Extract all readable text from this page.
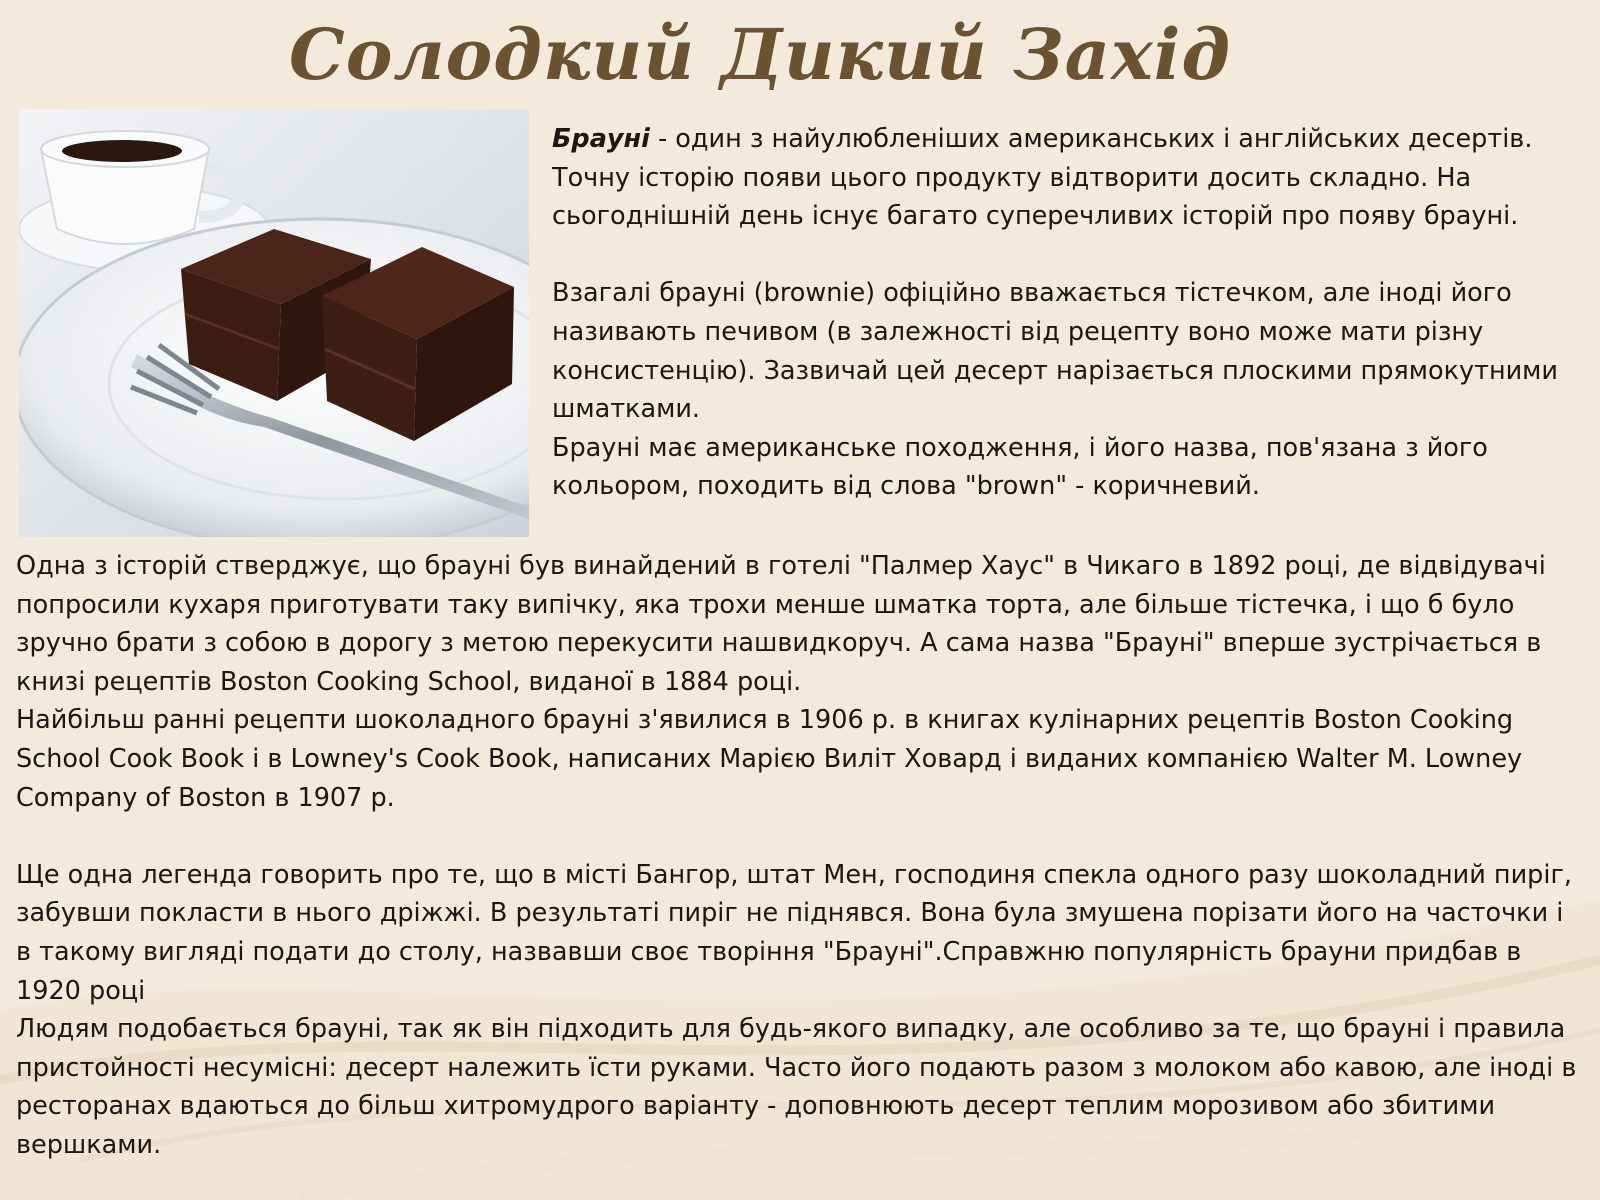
Солодкий Дикий Захід

Брауні - один з найулюбленіших американських і англійських десертів. Точну історію появи цього продукту відтворити досить складно. На сьогоднішній день існує багато суперечливих історій про появу брауні.

Взагалі брауні (brownie) офіційно вважається тістечком, але іноді його називають печивом (в залежності від рецепту воно може мати різну консистенцію). Зазвичай цей десерт нарізається плоскими прямокутними шматками.

Брауні має американське походження, і його назва, пов'язана з його кольором, походить від слова "brown" - коричневий.

Одна з історій стверджує, що брауні був винайдений в готелі "Палмер Хаус" в Чикаго в 1892 році, де відвідувачі попросили кухаря приготувати таку випічку, яка трохи менше шматка торта, але більше тістечка, і що б було зручно брати з собою в дорогу з метою перекусити нашвидкоруч. А сама назва "Брауні" вперше зустрічається в книзі рецептів Boston Cooking School, виданої в 1884 році.

Найбільш ранні рецепти шоколадного брауні з'явилися в 1906 р. в книгах кулінарних рецептів Boston Cooking School Cook Book і в Lowney's Cook Book, написаних Марією Виліт Ховард і виданих компанією Walter M. Lowney Company of Boston в 1907 р.

Ще одна легенда говорить про те, що в місті Бангор, штат Мен, господиня спекла одного разу шоколадний пиріг, забувши покласти в нього дріжжі. В результаті пиріг не піднявся. Вона була змушена порізати його на часточки і в такому вигляді подати до столу, назвавши своє творіння "Брауні".Справжню популярність брауни придбав в 1920 році

Людям подобається брауні, так як він підходить для будь-якого випадку, але особливо за те, що брауні і правила пристойності несумісні: десерт належить їсти руками. Часто його подають разом з молоком або кавою, але іноді в ресторанах вдаються до більш хитромудрого варіанту - доповнюють десерт теплим морозивом або збитими вершками.
